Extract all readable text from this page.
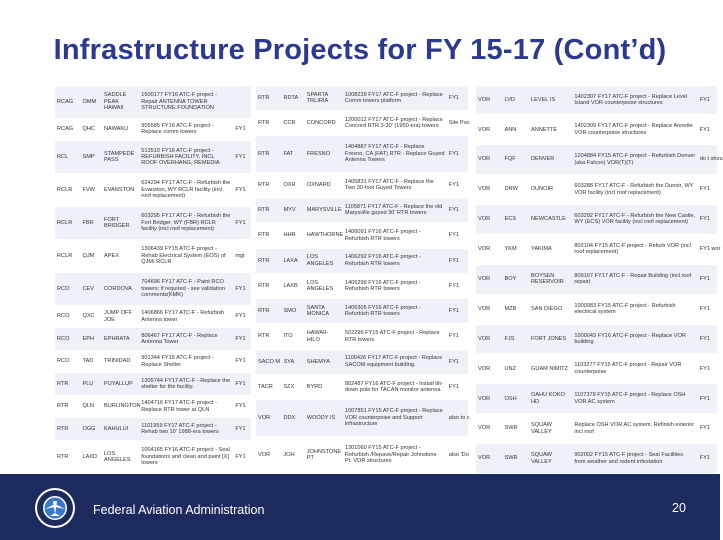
Infrastructure Projects for FY 15-17 (Cont’d)
RCAG	OMM	SADDLE PEAK HAWAII	1500177 FY16 ATC-F project - Repair ANTENNA TOWER STRUCTURE FOUNDATION	
RCAG	QHC	NAWAKU	905585 FY16 ATC-F project - Replace comm towers	FY1
RCL	SMP	STAMPEDE PASS	513510 FY16 ATC-F project - REFURBISH FACILITY, INCL ROOF OVERHANG, REMEDIA	FY1
RCLR	FVW	EVANSTON	624294 FY17 ATC-F - Refurbish the Evanston, WY RCLR facility (incl roof replacement)	FY1
RCLR	FBR	FORT BRIDGER	603295 FY17 ATC-F - Refurbish the Fort Bridger, WY (FBR) RCLR facility (incl roof replacement)	FY1
RCLR	QJM	APEX	1306439 FY15 ATC-F project - Rehab Electrical System (EOS) of QJM/ RCLR	mgt
RCO	CEV	CORDOVA	704696 FY17 ATC-F - Paint RCO towers; if required - see validation comments(KMK)	FY1
RCO	QXC	JUMP OFF JOE	1406866 FY17 ATC-F - Refurbish Antenna tower	FY1
RCO	EPH	EPHRATA	806467 FY17 ATC-F - Replace Antenna Tower	FY1
RCO	TAD	TRINIDAD	901344 FY15 ATC-F project - Replace Shelter	FY1
RTR	PLU	PUYALLUP	1305744 FY17 ATC-F - Replace the shelter for the facility.	FY1
RTR	QLN	BURLINGTON	1404716 FY17 ATC-F project - Replace RTR tower at QLN	FY1
RTR	OGG	KAHULUI	1101959 FY17 ATC-F project - Rehab two 10' 1988-era towers	FY1
RTR	LAXD	LOS ANGELES	1004165 FY16 ATC-F project - Seal foundations and clean and paint [X] towers	FY1
RTR	RDTA	SPARTA TRLIRIA	1008239 FY17 ATC-F project - Replace Comm towers platform	FY1
RTR	CCR	CONCORD	1200012 FY17 ATC-F project - Replace Concord RTR 3-30' (1950-era) towers	Site Poc
RTR	FAT	FRESNO	1404887 FY17 ATC-F - Replace Fresno, CA (FAT) RTR - Replace Guyed Antenna Towers	FY1
RTR	OXR	OXNARD	1405831 FY17 ATC-F - Replace the Two 30-foot Guyed Towers	FY1
RTR	MYV	MARYSVILLE	1105871 FY17 ATC-F - Replace the old Marysville guyed 30' RTR towers	FY1
RTR	HHR	HAWTHORNE	1406091 FY16 ATC-F project - Refurbish RTR towers	FY1
RTR	LAXA	LOS ANGELES	1406292 FY16 ATC-F project - Refurbish RTR towers	FY1
RTR	LAXB	LOS ANGELES	1406299 FY16 ATC-F project - Refurbish RTR towers	FY1
RTR	SMO	SANTA MONICA	1406305 FY16 ATC-F project - Refurbish RTR towers	FY1
RTR	ITO	HAWAII-HILO	502296 FY15 ATC-F project - Replace RTR towers	FY1
SACO M	SYA	SHEMYA	1100426 FY17 ATC-F project - Replace SACOM equipment building.	FY1
TACR	SZX	BYRD	802487 FY16 ATC-F project - Install tilt-down pole for TACAN monitor antenna	FY1
VOR	DDX	WOODY IS	1007851 FY15 ATC-F project - Replace VOR counterpoise and Support infrastructure	also to c
VOR	JOH	JOHNSTONE PT	1301060 FY15 ATC-F project - Refurbish /Repave/Repair Johnstone Pt. VOR structures	also 'Do
VOR	LVD	LEVEL IS	1402307 FY17 ATC-F project - Replace Level Island VOR counterpoise structures	FY1
VOR	ANN	ANNETTE	1402309 FY17 ATC-F project - Replace Annette VOR counterpoise structures	FY1
VOR	FQF	DENVER	1204884 FY15 ATC-F project - Refurbish Denver (aka Falcon) VOR(T)(T)	do t shou
VOR	DNW	DUNOIR	603288 FY17 ATC-F - Refurbish the Dunoir, WY VOR facility (incl roof replacement)	FY1
VOR	ECS	NEWCASTLE	603292 FY17 ATC-F - Refurbish the New Castle, WY (ECS) VOR facility (incl roof replacement)	FY1
VOR	YKM	YAKIMA	802104 FY15 ATC-F project - Refurb VOR (incl roof replacement)	FY1 wor
VOR	BOY	BOYSEN RESERVOIR	809167 FY17 ATC-F - Repair Building (incl roof repair)	FY1
VOR	MZB	SAN DIEGO	1000083 FY15 ATC-F project - Refurbish electrical system	FY1
VOR	FJS	FORT JONES	1000043 FY16 ATC-F project - Replace VOR building	FY1
VOR	UNZ	GUAM NIMITZ	1103277 FY15 ATC-F project - Repair VOR counterpoise	FY1
VOR	OSH	OAHU KOKO HD	1107379 FY15 ATC-F project - Replace OSH VOR AC system	FY1
VOR	SWR	SQUAW VALLEY	Replace OSH VOR AC system. Refinish exterior incl roof	FY1
VOR	SWR	SQUAW VALLEY	902002 FY15 ATC-F project - Seal Facilities from weather and rodent infestation	FY1
Federal Aviation Administration	20
